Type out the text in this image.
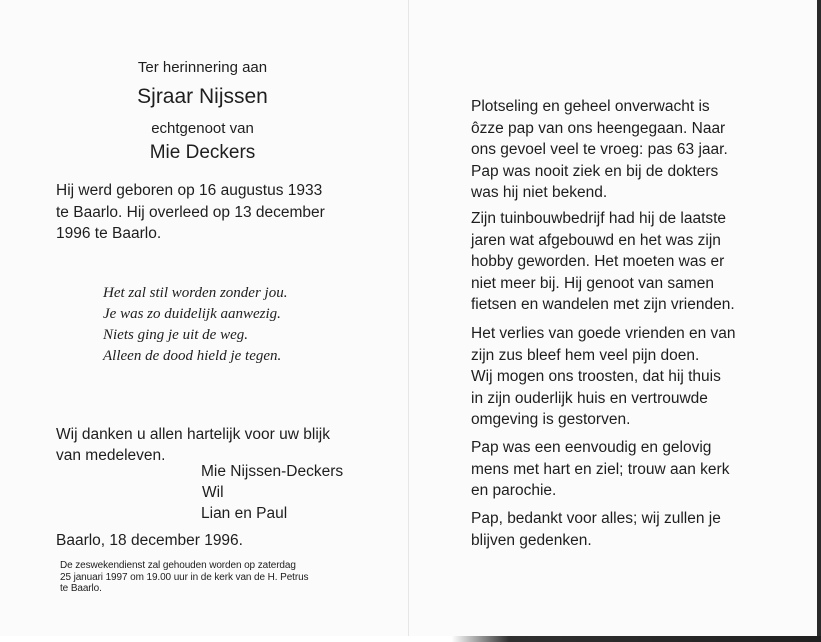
Ter herinnering aan
Sjraar Nijssen
echtgenoot van
Mie Deckers
Hij werd geboren op 16 augustus 1933
te Baarlo. Hij overleed op 13 december
1996 te Baarlo.
Het zal stil worden zonder jou.
Je was zo duidelijk aanwezig.
Niets ging je uit de weg.
Alleen de dood hield je tegen.
Wij danken u allen hartelijk voor uw blijk
van medeleven.
Mie Nijssen-Deckers
Wil
Lian en Paul
Baarlo, 18 december 1996.
De zeswekendienst zal gehouden worden op zaterdag
25 januari 1997 om 19.00 uur in de kerk van de H. Petrus
te Baarlo.
Plotseling en geheel onverwacht is
ôzze pap van ons heengegaan. Naar
ons gevoel veel te vroeg: pas 63 jaar.
Pap was nooit ziek en bij de dokters
was hij niet bekend.
Zijn tuinbouwbedrijf had hij de laatste
jaren wat afgebouwd en het was zijn
hobby geworden. Het moeten was er
niet meer bij. Hij genoot van samen
fietsen en wandelen met zijn vrienden.
Het verlies van goede vrienden en van
zijn zus bleef hem veel pijn doen.
Wij mogen ons troosten, dat hij thuis
in zijn ouderlijk huis en vertrouwde
omgeving is gestorven.
Pap was een eenvoudig en gelovig
mens met hart en ziel; trouw aan kerk
en parochie.
Pap, bedankt voor alles; wij zullen je
blijven gedenken.
